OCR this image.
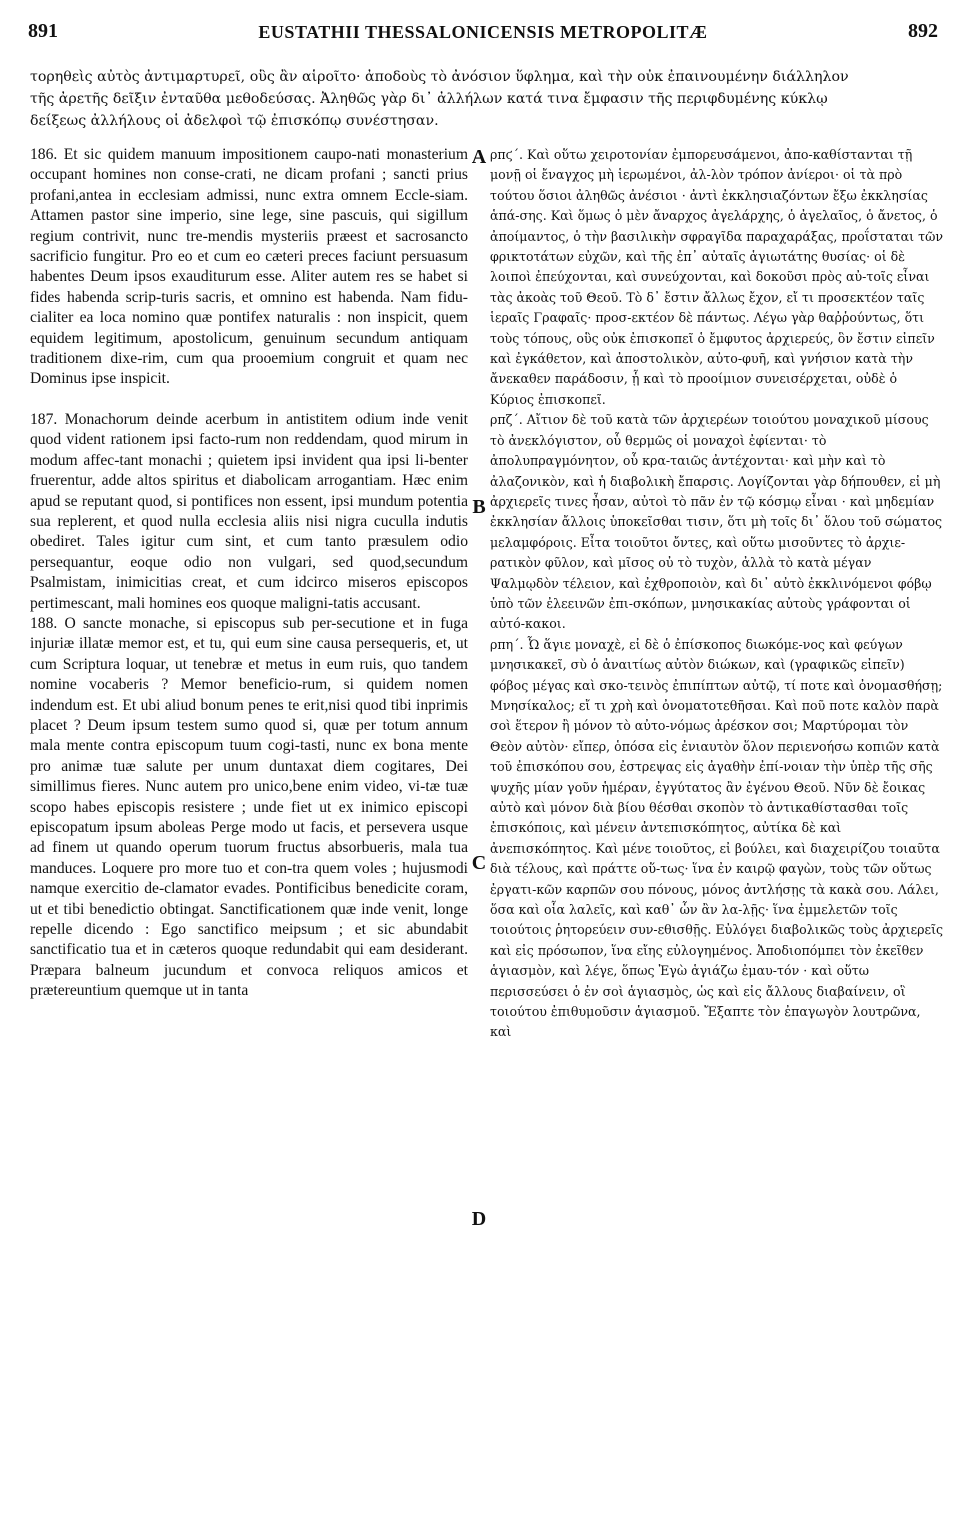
891	EUSTATHII THESSALONICENSIS METROPOLITÆ	892
τορηθεὶς αὐτὸς ἀντιμαρτυρεῖ, οὓς ἂν αἱροῖτο· ἀποδοὺς τὸ ἀνόσιον ὕφλημα, καὶ τὴν οὐκ ἐπαινουμένην διάλληλον
τῆς ἀρετῆς δεῖξιν ἐνταῦθα μεθοδεύσας. Ἀληθῶς γὰρ δι᾽ ἀλλήλων κατά τινα ἔμφασιν τῆς περιφδυμένης κύκλῳ
δείξεως ἀλλήλους οἱ ἀδελφοὶ τῷ ἐπισκόπῳ συνέστησαν.

186. Et sic quidem manuum impositionem caupo-nati monasterium occupant homines non conse-crati, ne dicam profani ; sancti prius profani,antea in ecclesiam admissi, nunc extra omnem Eccle-siam. Attamen pastor sine imperio, sine lege, sine pascuis, qui sigillum regium contrivit, nunc tre-mendis mysteriis præest et sacrosancto sacrificio fungitur. Pro eo et cum eo cæteri preces faciunt persuasum habentes Deum ipsos exauditurum esse. Aliter autem res se habet si fides habenda scrip-turis sacris, et omnino est habenda. Nam fidu-cialiter ea loca nomino quæ pontifex naturalis : non inspicit, quem equidem legitimum, apostolicum, genuinum secundum antiquam traditionem dixe-rim, cum qua prooemium congruit et quam nec Dominus ipse inspicit.

187. Monachorum deinde acerbum in antistitem odium inde venit quod vident rationem ipsi facto-rum non reddendam, quod mirum in modum affec-tant monachi ; quietem ipsi invident qua ipsi li-benter fruerentur, adde altos spiritus et diabolicam arrogantiam. Hæc enim apud se reputant quod, si pontifices non essent, ipsi mundum potentia sua replerent, et quod nulla ecclesia aliis nisi nigra cuculla indutis obediret. Tales igitur cum sint, et cum tanto præsulem odio persequantur, eoque odio non vulgari, sed quod,secundum Psalmistam, inimicitias creat, et cum idcirco miseros episcopos pertimescant, mali homines eos quoque maligni-tatis accusant.

188. O sancte monache, si episcopus sub per-secutione et in fuga injuriæ illatæ memor est, et tu, qui eum sine causa persequeris, et, ut cum Scriptura loquar, ut tenebræ et metus in eum ruis, quo tandem nomine vocaberis ? Memor beneficio-rum, si quidem nomen indendum est. Et ubi aliud bonum penes te erit,nisi quod tibi inprimis placet ? Deum ipsum testem sumo quod si, quæ per totum annum mala mente contra episcopum tuum cogi-tasti, nunc ex bona mente pro animæ tuæ salute per unum duntaxat diem cogitares, Dei simillimus fieres. Nunc autem pro unico,bene enim video, vi-tæ tuæ scopo habes episcopis resistere ; unde fiet ut ex inimico episcopi episcopatum ipsum aboleas Perge modo ut facis, et persevera usque ad finem ut quando operum tuorum fructus absorbueris, mala tua manduces. Loquere pro more tuo et con-tra quem voles ; hujusmodi namque exercitio de-clamator evades. Pontificibus benedicite coram, ut et tibi benedictio obtingat. Sanctificationem quæ inde venit, longe repelle dicendo : Ego sanctifico meipsum ; et sic abundabit sanctificatio tua et in cæteros quoque redundabit qui eam desiderant. Præpara balneum jucundum et convoca reliquos amicos et prætereuntium quemque ut in tanta

A
B
C
D

ρπϛ΄. Καὶ οὕτω χειροτονίαν ἐμπορευσάμενοι, ἀπο-καθίστανται τῇ μονῇ οἱ ἔναγχος μὴ ἱερωμένοι, ἀλ-λὸν τρόπον ἀνίεροι· οἱ τὰ πρὸ τούτου ὅσιοι ἀληθῶς ἀνέσιοι · ἀντὶ ἐκκλησιαζόντων ἔξω ἐκκλησίας ἁπά-σης. Καὶ ὅμως ὁ μὲν ἄναρχος ἀγελάρχης, ὁ ἀγελαῖος, ὁ ἄνετος, ὁ ἀποίμαντος, ὁ τὴν βασιλικὴν σφραγῖδα παραχαράξας, προΐσταται τῶν φρικτοτάτων εὐχῶν, καὶ τῆς ἐπ᾽ αὐταῖς ἁγιωτάτης θυσίας· οἱ δὲ λοιποὶ ἐπεύχονται, καὶ συνεύχονται, καὶ δοκοῦσι πρὸς αὐ-τοῖς εἶναι τὰς ἀκοὰς τοῦ Θεοῦ. Τὸ δ᾽ ἔστιν ἄλλως ἔχον, εἴ τι προσεκτέον ταῖς ἱεραῖς Γραφαῖς· προσ-εκτέον δὲ πάντως. Λέγω γὰρ θαῤῥούντως, ὅτι τοὺς τόπους, οὓς οὐκ ἐπισκοπεῖ ὁ ἔμφυτος ἀρχιερεύς, ὃν ἔστιν εἰπεῖν καὶ ἐγκάθετον, καὶ ἀποστολικὸν, αὐτο-φυῆ, καὶ γνήσιον κατὰ τὴν ἄνεκαθεν παράδοσιν, ᾗ καὶ τὸ προοίμιον συνεισέρχεται, οὐδὲ ὁ Κύριος ἐπισκοπεῖ.

ρπζ΄. Αἴτιον δὲ τοῦ κατὰ τῶν ἀρχιερέων τοιούτου μοναχικοῦ μίσους τὸ ἀνεκλόγιστον, οὗ θερμῶς οἱ μοναχοὶ ἐφίενται· τὸ ἀπολυπραγμόνητον, οὗ κρα-ταιῶς ἀντέχονται· καὶ μὴν καὶ τὸ ἀλαζονικὸν, καὶ ἡ διαβολικὴ ἔπαρσις. Λογίζονται γὰρ δήπουθεν, εἰ μὴ ἀρχιερεῖς τινες ἦσαν, αὐτοὶ τὸ πᾶν ἐν τῷ κόσμῳ εἶναι · καὶ μηδεμίαν ἐκκλησίαν ἄλλοις ὑποκεῖσθαι τισιν, ὅτι μὴ τοῖς δι᾽ ὅλου τοῦ σώματος μελαμφόροις. Εἶτα τοιοῦτοι ὄντες, καὶ οὕτω μισοῦντες τὸ ἀρχιε-ρατικὸν φῦλον, καὶ μῖσος οὐ τὸ τυχὸν, ἀλλὰ τὸ κατὰ μέγαν Ψαλμῳδὸν τέλειον, καὶ ἐχθροποιὸν, καὶ δι᾽ αὐτὸ ἐκκλινόμενοι φόβῳ ὑπὸ τῶν ἐλεεινῶν ἐπι-σκόπων, μνησικακίας αὐτοὺς γράφονται οἱ αὐτό-κακοι.

ρπη΄. Ὦ ἅγιε μοναχὲ, εἰ δὲ ὁ ἐπίσκοπος διωκόμε-νος καὶ φεύγων μνησικακεῖ, σὺ ὁ ἀναιτίως αὐτὸν διώκων, καὶ (γραφικῶς εἰπεῖν) φόβος μέγας καὶ σκο-τεινὸς ἐπιπίπτων αὐτῷ, τί ποτε καὶ ὀνομασθήσῃ; Μνησίκαλος; εἴ τι χρὴ καὶ ὀνοματοτεθῆσαι. Καὶ ποῦ ποτε καλὸν παρὰ σοὶ ἕτερον ἢ μόνον τὸ αὐτο-νόμως ἀρέσκον σοι; Μαρτύρομαι τὸν Θεὸν αὐτὸν· εἴπερ, ὁπόσα εἰς ἐνιαυτὸν ὅλον περιενοήσω κοπιῶν κατὰ τοῦ ἐπισκόπου σου, ἐστρεψας εἰς ἀγαθὴν ἐπί-νοιαν τὴν ὑπὲρ τῆς σῆς ψυχῆς μίαν γοῦν ἡμέραν, ἐγγύτατος ἂν ἐγένου Θεοῦ. Νῦν δὲ ἔοικας αὐτὸ καὶ μόνον διὰ βίου θέσθαι σκοπὸν τὸ ἀντικαθίστασθαι τοῖς ἐπισκόποις, καὶ μένειν ἀντεπισκόπητος, αὐτίκα δὲ καὶ ἀνεπισκόπητος. Καὶ μένε τοιοῦτος, εἰ βούλει, καὶ διαχειρίζου τοιαῦτα διὰ τέλους, καὶ πράττε οὕ-τως· ἵνα ἐν καιρῷ φαγὼν, τοὺς τῶν οὕτως ἐργατι-κῶν καρπῶν σου πόνους, μόνος ἀντλήσῃς τὰ κακὰ σου. Λάλει, ὅσα καὶ οἷα λαλεῖς, καὶ καθ᾽ ὧν ἂν λα-λῇς· ἵνα ἐμμελετῶν τοῖς τοιούτοις ῥητορεύειν συν-εθισθῇς. Εὐλόγει διαβολικῶς τοὺς ἀρχιερεῖς καὶ εἰς πρόσωπον, ἵνα εἴης εὐλογημένος. Ἀποδιοπόμπει τὸν ἐκεῖθεν ἁγιασμὸν, καὶ λέγε, ὅπως Ἐγὼ ἁγιάζω ἐμαυ-τόν · καὶ οὕτω περισσεύσει ὁ ἐν σοὶ ἁγιασμὸς, ὡς καὶ εἰς ἄλλους διαβαίνειν, οἳ τοιούτου ἐπιθυμοῦσιν ἁγιασμοῦ. Ἔξαπτε τὸν ἐπαγωγὸν λουτρῶνα, καὶ
